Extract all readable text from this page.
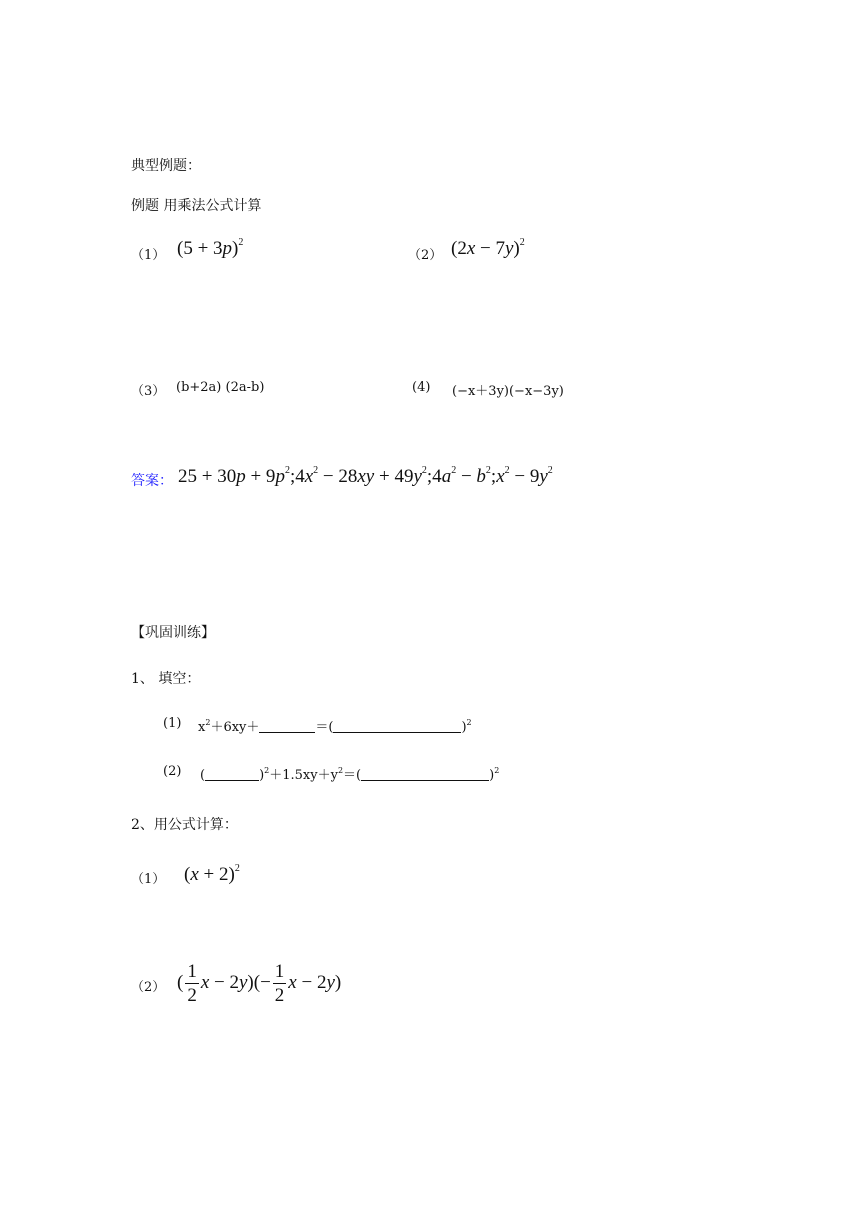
典型例题：
例题 用乘法公式计算
（1） $(5 + 3p)^2$
（2） $(2x - 7y)^2$
（3） (b+2a) (2a-b)	(4) (−x＋3y)(−x−3y)
答案： $25 + 30p + 9p^2;4x^2 - 28xy$ + $49y^2;4a^2$ − $b^2;x^2 - 9y^2$
【巩固训练】
1、 填空：
(1) $x^2+6xy+$	＝(	)$^2$
(2) (	)$^2+1.5xy+y^2=$(	)$^2$
2、用公式计算：
（1） $(x + 2)^2$
（2） ( $\frac{1}{2}$ $x - 2y)(- \frac{1}{2}$ x − 2y)
